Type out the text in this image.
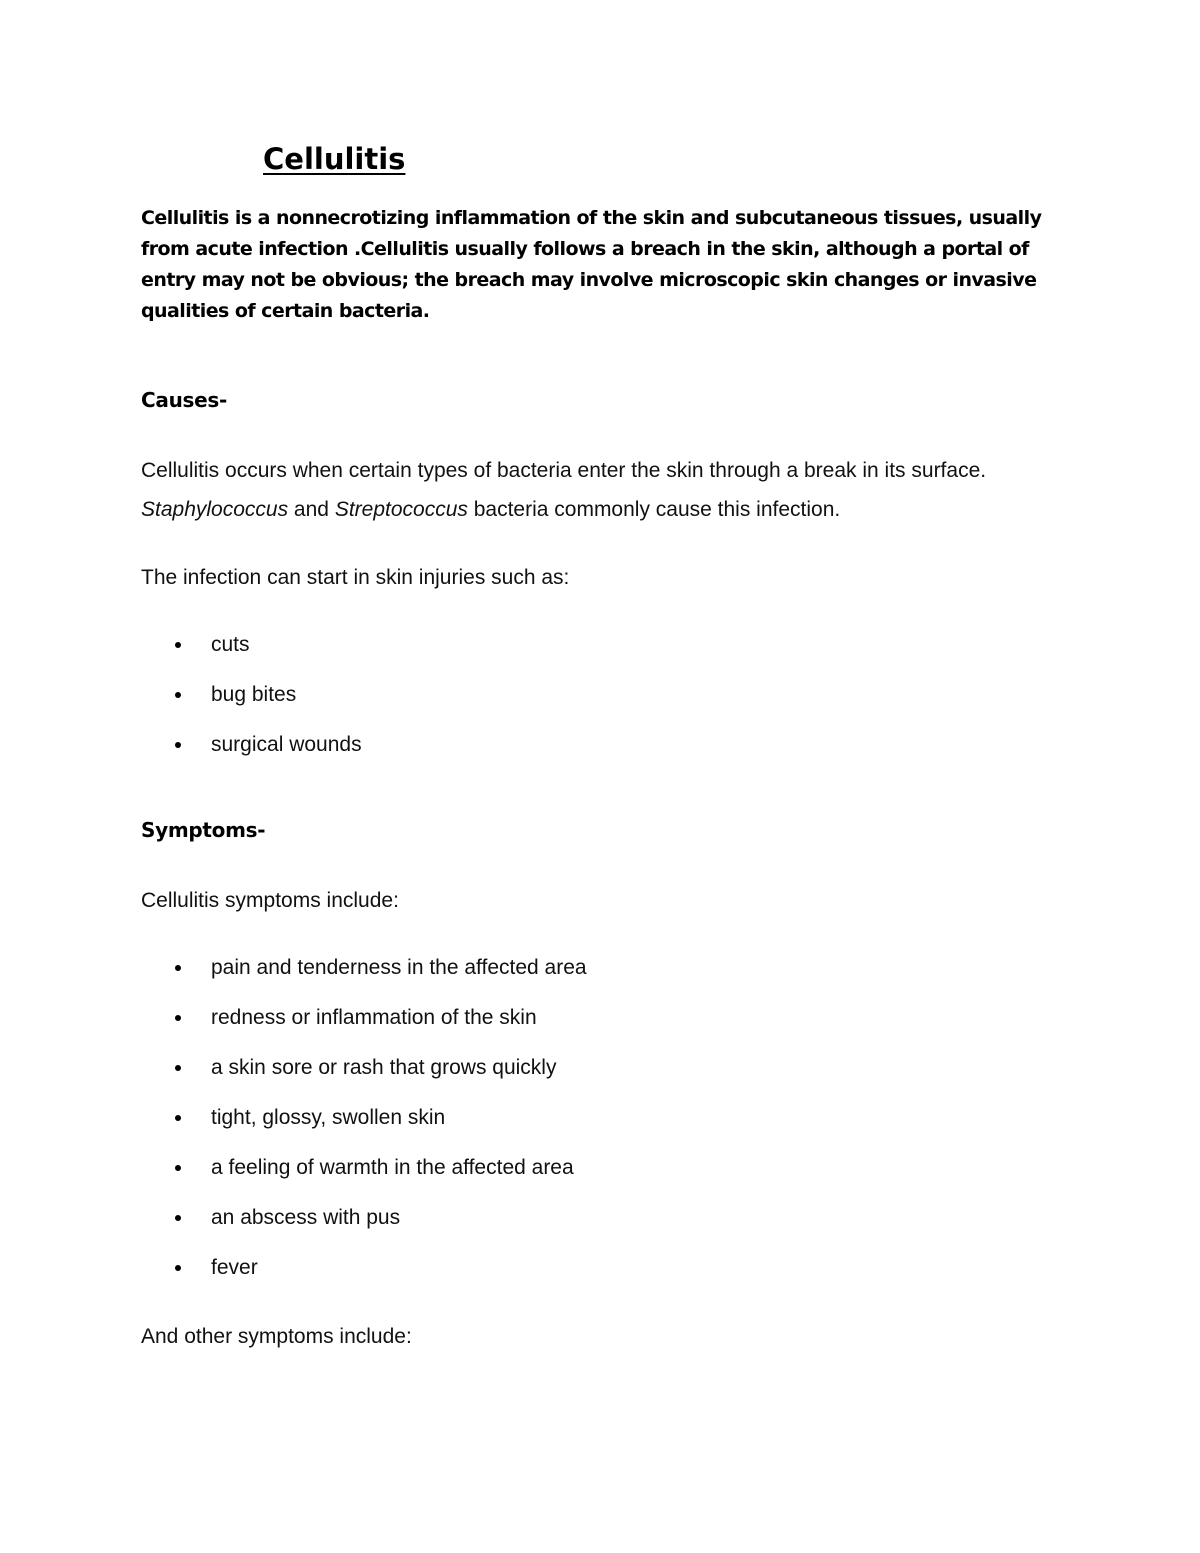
Cellulitis

Cellulitis is a nonnecrotizing inflammation of the skin and subcutaneous tissues, usually from acute infection .Cellulitis usually follows a breach in the skin, although a portal of entry may not be obvious; the breach may involve microscopic skin changes or invasive qualities of certain bacteria.

Causes-

Cellulitis occurs when certain types of bacteria enter the skin through a break in its surface. Staphylococcus and Streptococcus bacteria commonly cause this infection.

The infection can start in skin injuries such as:

cuts
bug bites
surgical wounds
Symptoms-

Cellulitis symptoms include:

pain and tenderness in the affected area
redness or inflammation of the skin
a skin sore or rash that grows quickly
tight, glossy, swollen skin
a feeling of warmth in the affected area
an abscess with pus
fever

And other symptoms include:
